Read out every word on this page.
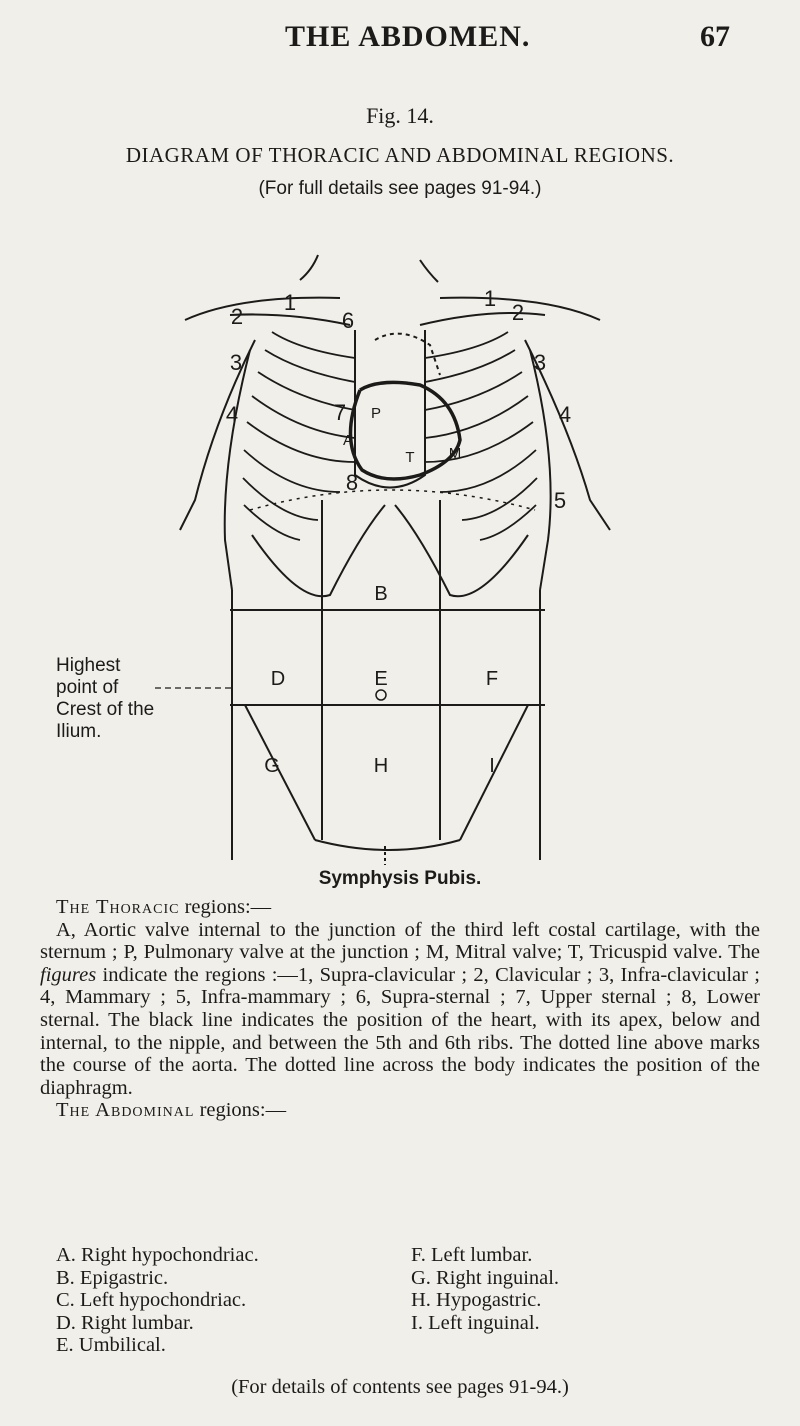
THE ABDOMEN.	67
Fig. 14.
DIAGRAM OF THORACIC AND ABDOMINAL REGIONS.
(For full details see pages 91-94.)
B
D	E	F
G	H	I
2
1
6
1
2
3	3
4	4
5
7
8
A
P
M
T
Highest
point of
Crest of the
Ilium.
Symphysis Pubis.

The Thoracic regions:—

A, Aortic valve internal to the junction of the third left costal cartilage, with the sternum ; P, Pulmonary valve at the junction ; M, Mitral valve; T, Tricuspid valve. The figures indicate the regions :—1, Supra-clavicular ; 2, Clavicular ; 3, Infra-clavicular ; 4, Mammary ; 5, Infra-mammary ; 6, Supra-sternal ; 7, Upper sternal ; 8, Lower sternal. The black line indicates the position of the heart, with its apex, below and internal, to the nipple, and between the 5th and 6th ribs. The dotted line above marks the course of the aorta. The dotted line across the body indicates the position of the diaphragm.

The Abdominal regions:—

A. Right hypochondriac.
B. Epigastric.
C. Left hypochondriac.
D. Right lumbar.
E. Umbilical.
F. Left lumbar.
G. Right inguinal.
H. Hypogastric.
I. Left inguinal.
(For details of contents see pages 91-94.)
